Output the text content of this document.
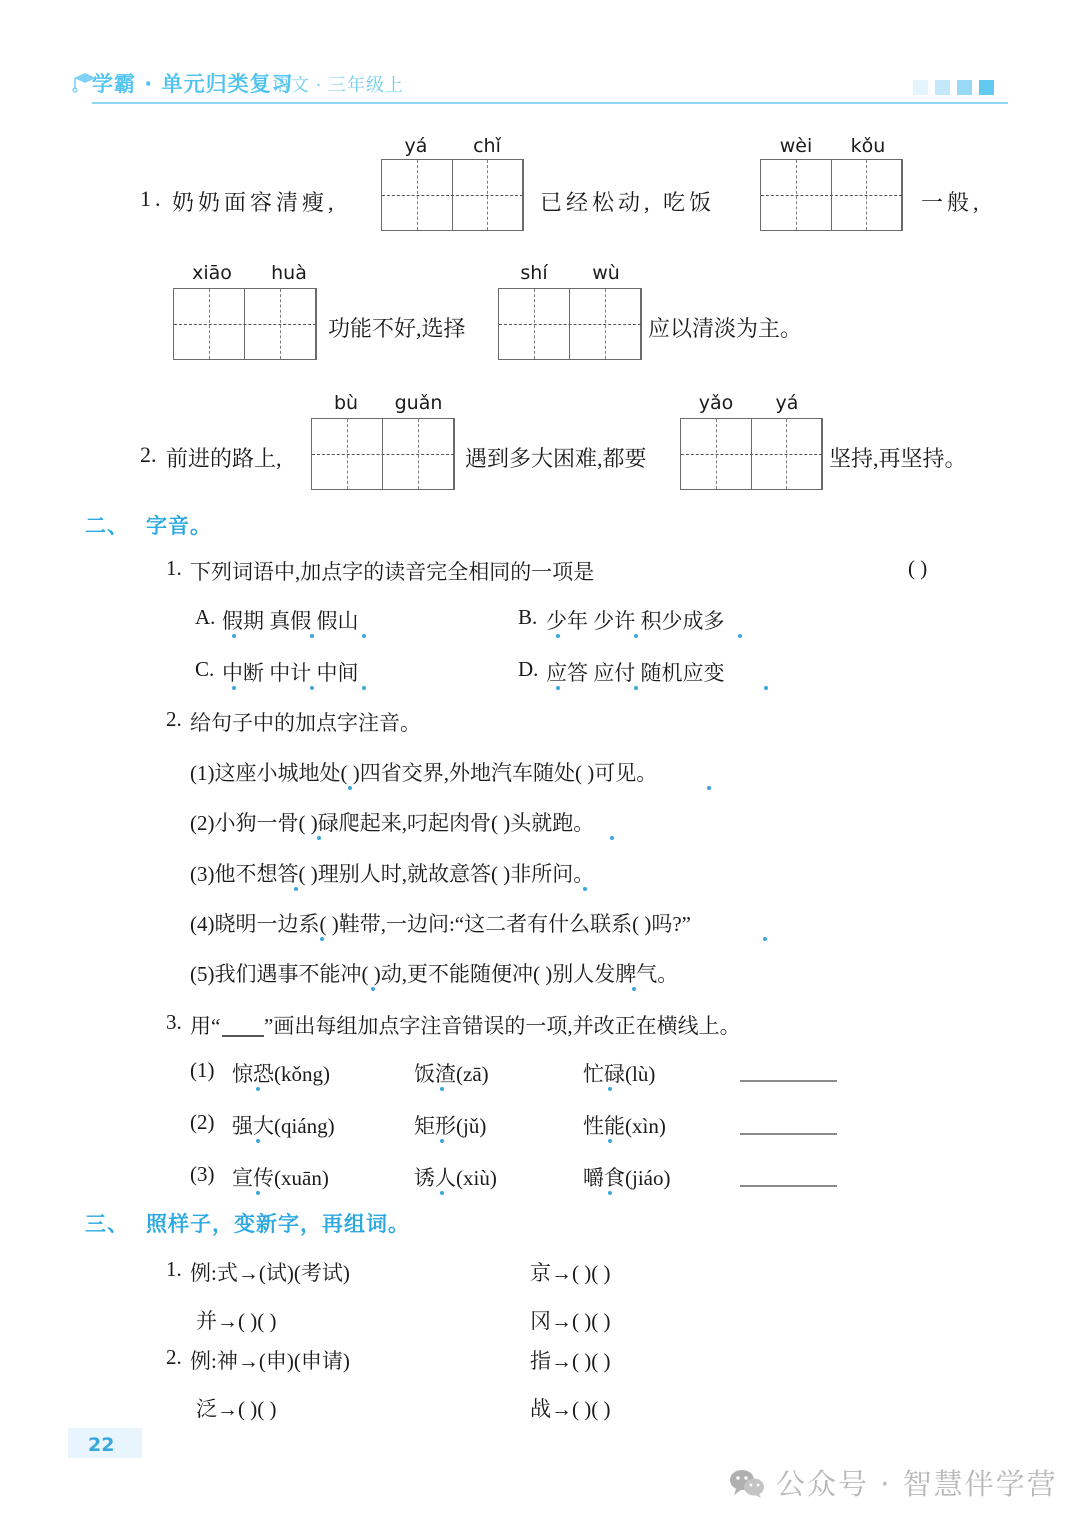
学霸 · 单元归类复习
语文 · 三年级上
1. 奶奶面容清瘦,
yá	chǐ
已经松动, 吃饭
wèi	kǒu
一般,
xiāo	huà
功能不好,选择
shí	wù
应以清淡为主。
2. 前进的路上,
bù	guǎn
遇到多大困难,都要
yǎo	yá
坚持,再坚持。
二、 字音。
1. 下列词语中,加点字的读音完全相同的一项是	( )
A. 假期 真假 假山	B. 少年 少许 积少成多
C. 中断 中计 中间	D. 应答 应付 随机应变
2. 给句子中的加点字注音。
(1)这座小城地处( )四省交界,外地汽车随处( )可见。
(2)小狗一骨( )碌爬起来,叼起肉骨( )头就跑。
(3)他不想答( )理别人时,就故意答( )非所问。
(4)晓明一边系( )鞋带,一边问:“这二者有什么联系( )吗?”
(5)我们遇事不能冲( )动,更不能随便冲( )别人发脾气。
3. 用“ ”画出每组加点字注音错误的一项,并改正在横线上。
(1) 惊恐(kǒng)	饭渣(zā)	忙碌(lù)
(2) 强大(qiáng)	矩形(jǔ)	性能(xìn)
(3) 宣传(xuān)	诱人(xiù)	嚼食(jiáo)
三、 照样子，变新字，再组词。
1. 例:式→(试)(考试)	京→( )( )
并→( )( )	冈→( )( )
2. 例:神→(申)(申请)	指→( )( )
泛→( )( )	战→( )( )
22
公众号 · 智慧伴学营
